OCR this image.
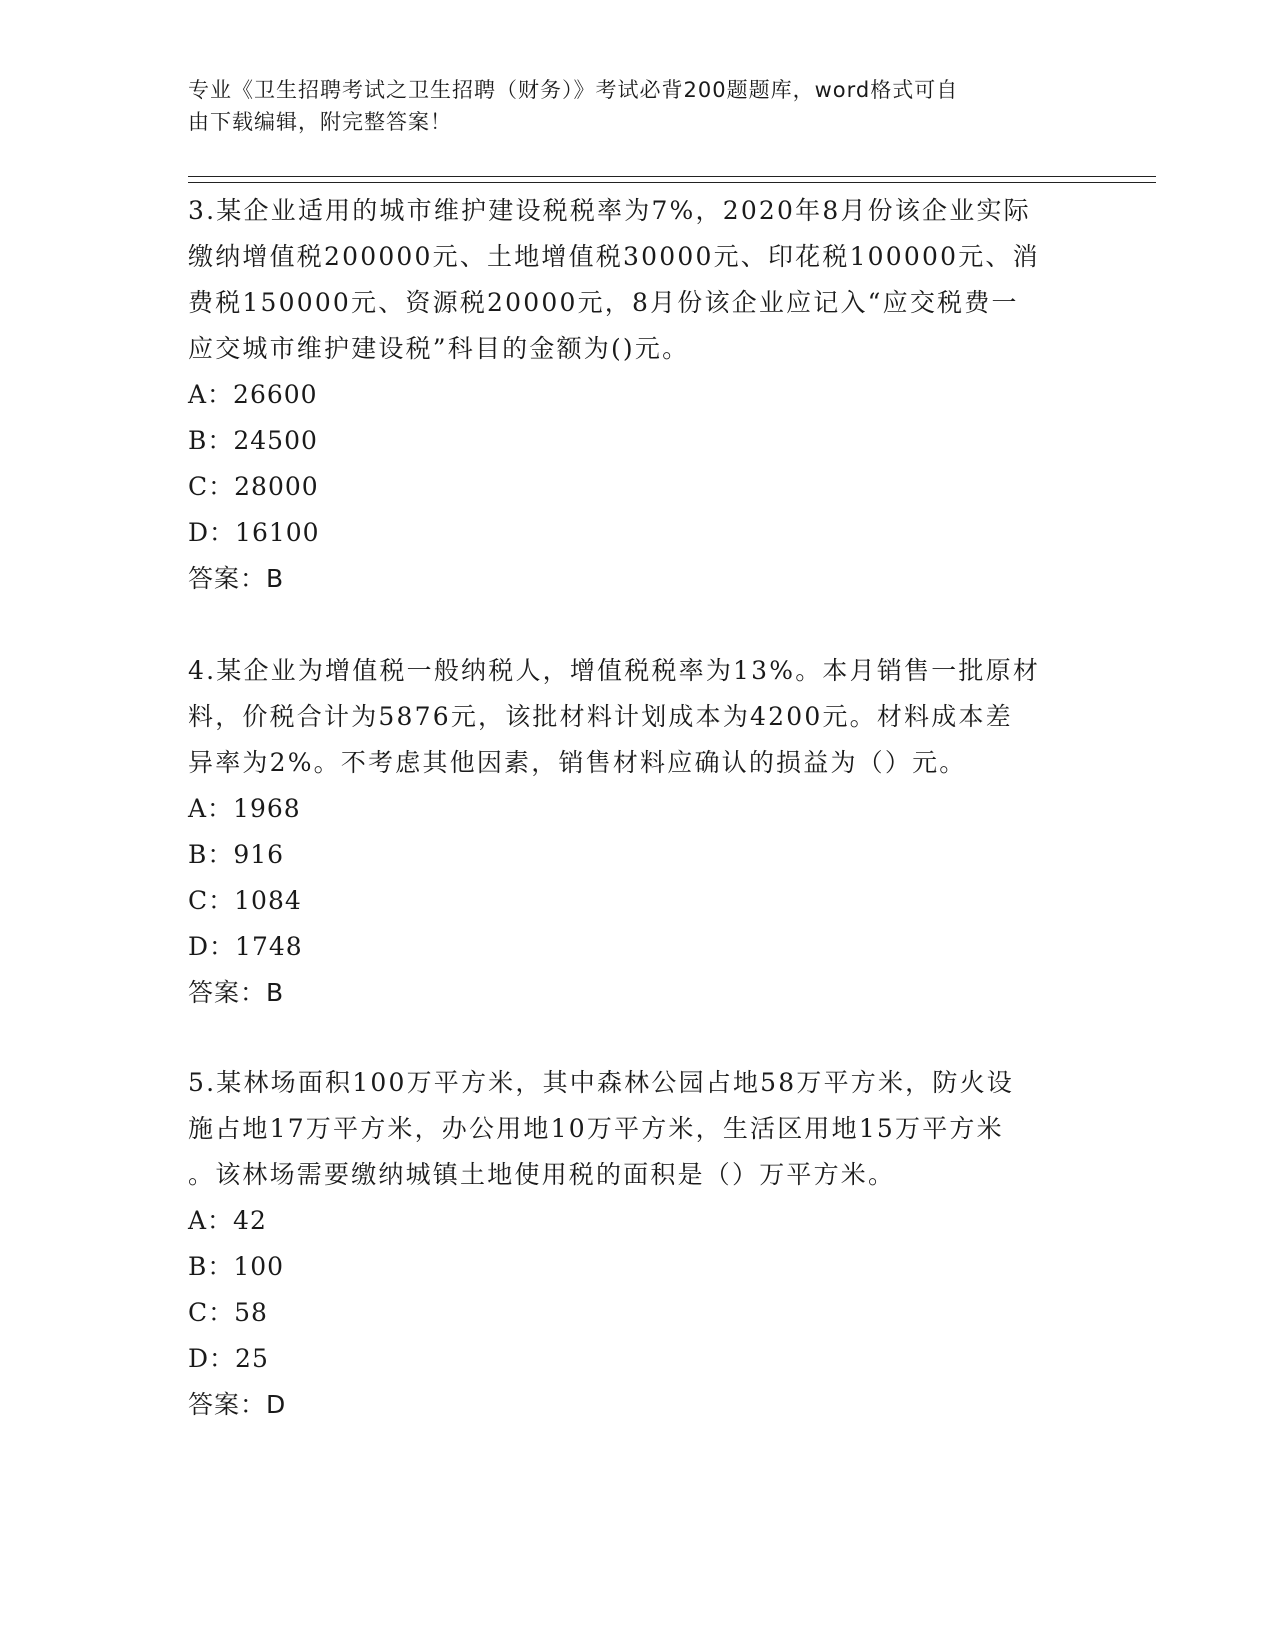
专业《卫生招聘考试之卫生招聘（财务）》考试必背200题题库，word格式可自
由下载编辑，附完整答案！

3.某企业适用的城市维护建设税税率为7%，2020年8月份该企业实际

缴纳增值税200000元、土地增值税30000元、印花税100000元、消

费税150000元、资源税20000元，8月份该企业应记入“应交税费一

应交城市维护建设税”科目的金额为()元。

A：26600

B：24500

C：28000

D：16100

答案：B

4.某企业为增值税一般纳税人，增值税税率为13%。本月销售一批原材

料，价税合计为5876元，该批材料计划成本为4200元。材料成本差

异率为2%。不考虑其他因素，销售材料应确认的损益为（）元。

A：1968

B：916

C：1084

D：1748

答案：B

5.某林场面积100万平方米，其中森林公园占地58万平方米，防火设

施占地17万平方米，办公用地10万平方米，生活区用地15万平方米

。该林场需要缴纳城镇土地使用税的面积是（）万平方米。

A：42

B：100

C：58

D：25

答案：D
